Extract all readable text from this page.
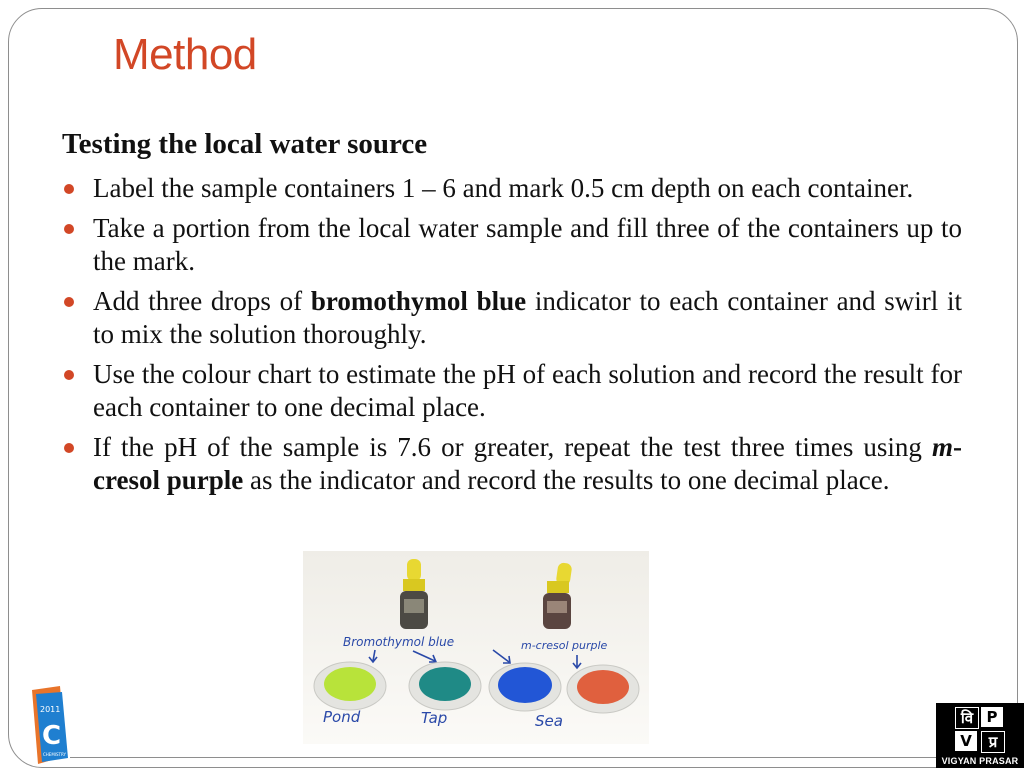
Method
Testing the local water source
Label the sample containers 1 – 6 and mark 0.5 cm depth on each container.
Take a portion from the local water sample and fill three of the containers up to the mark.
Add three drops of bromothymol blue indicator to each container and swirl it to mix the solution thoroughly.
Use the colour chart to estimate the pH of each solution and record the result for each container to one decimal place.
If the pH of the sample is 7.6 or greater, repeat the test three times using m-cresol purple as the indicator and record the results to one decimal place.
Bromothymol blue	m-cresol purple
Pond	Tap	Sea
2011
C
CHEMISTRY
वि P
V	प्र
VIGYAN PRASAR
